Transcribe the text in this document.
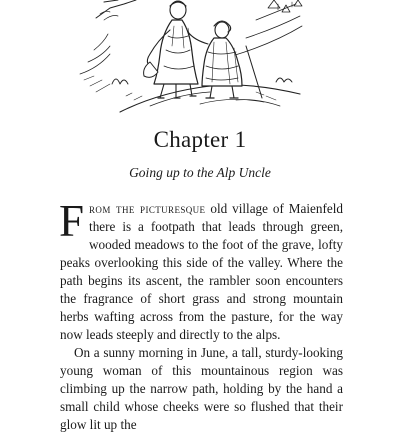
Chapter 1
Going up to the Alp Uncle

From the picturesque old village of Maienfeld there is a footpath that leads through green, wooded meadows to the foot of the grave, lofty peaks overlooking this side of the valley. Where the path begins its ascent, the rambler soon encounters the fragrance of short grass and strong mountain herbs wafting across from the pasture, for the way now leads steeply and directly to the alps.

On a sunny morning in June, a tall, sturdy-looking young woman of this mountainous region was climbing up the narrow path, holding by the hand a small child whose cheeks were so flushed that their glow lit up the
